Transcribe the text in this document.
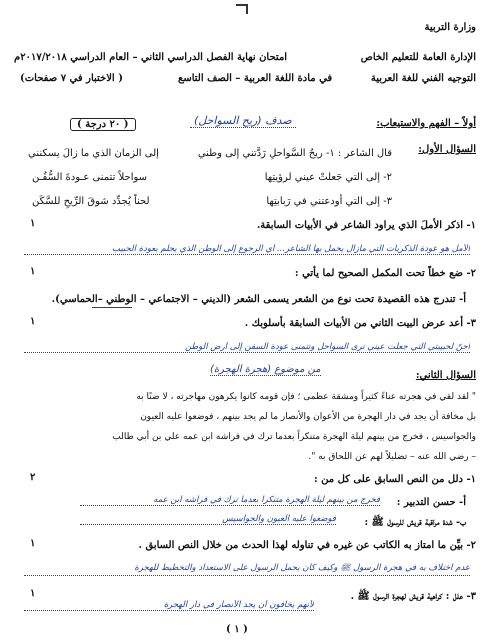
وزارة التربية
الإدارة العامة للتعليم الخاص
التوجيه الفني للغة العربية
امتحان نهاية الفصل الدراسي الثاني – العام الدراسي ٢٠١٧/٢٠١٨م
في مادة اللغة العربية – الصف التاسع
( الاختبار في ٧ صفحات)
أولاً – الفهم والاستيعاب:
صدف (ريح السواحل)
( ٢٠ درجة )
السؤال الأول:
قال الشاعر : ١- ريحُ السَّواحلِ رَدَّتني إلى وطني
إلى الزمان الذي ما زالَ يسكنني
٢- إلى التي جَعلتْ عيني لرؤيتِها
سواحلاً تتمنى عـودةَ السُّفُـن
٣- إلى التي أودعتني في رَبابتِها
لحناً يُجدِّد شوقَ الرِّيحِ للسَّكَن
١- اذكر الأملَ الذي يراود الشاعر في الأبيات السابقة.
١
الأمل هو عودة الذكريات التي مازال يحمل بها الشاعر... أي الرجوع إلى الوطن الذي يحلم بعودة الحبيب
٢- ضع خطاً تحت المكمل الصحيح لما يأتي :
١
أ- تندرج هذه القصيدة تحت نوع من الشعر يسمى الشعر (الديني – الاجتماعي – الوطني –الحماسي).
٣- أعد عرض البيت الثاني من الأبيات السابقة بأسلوبك .
١
أحنّ لحبيبتي التي جعلت عيني ترى السواحل وتتمنى عودة السفن إلى أرض الوطن
السؤال الثاني:
من موضوع (هجرة الهجرة)
" لقد لقي في هجرته عناءً كثيراً ومشقة عظمى ؛ فإن قومه كانوا يكرهون مهاجرته ، لا ضنًا به
بل مخافة أن يجد في دار الهجرة من الأعوان والأنصار ما لم يجد بينهم ، فوضعوا عليه العيون
والجواسيس ، فخرج من بينهم ليلة الهجرة متنكراً بعدما ترك في فراشه ابن عمه علي بن أبي طالب
– رضي الله عنه – تضليلاً لهم عن اللحاق به ".
١- دلل من النص السابق على كل من :
٢
أ- حسن التدبير :
فخرج من بينهم ليلة الهجرة متنكراً بعدما ترك في فراشه ابن عمه
ب- شدة مراقبة قريش للرسول ﷺ :
فوضعوا عليه العيون والجواسيس
٢- بيِّن ما امتاز به الكاتب عن غيره في تناوله لهذا الحدث من خلال النص السابق .
١
عدم اختلاف به في هجرة الرسول ﷺ وكيف كان يحمل الرسول على الاستعداد والتخطيط للهجرة
٣- علل : كراهية قريش لهجرة الرسول ﷺ .
١
لأنهم يخافون أن يجد الأنصار في دار الهجرة
( ١ )
